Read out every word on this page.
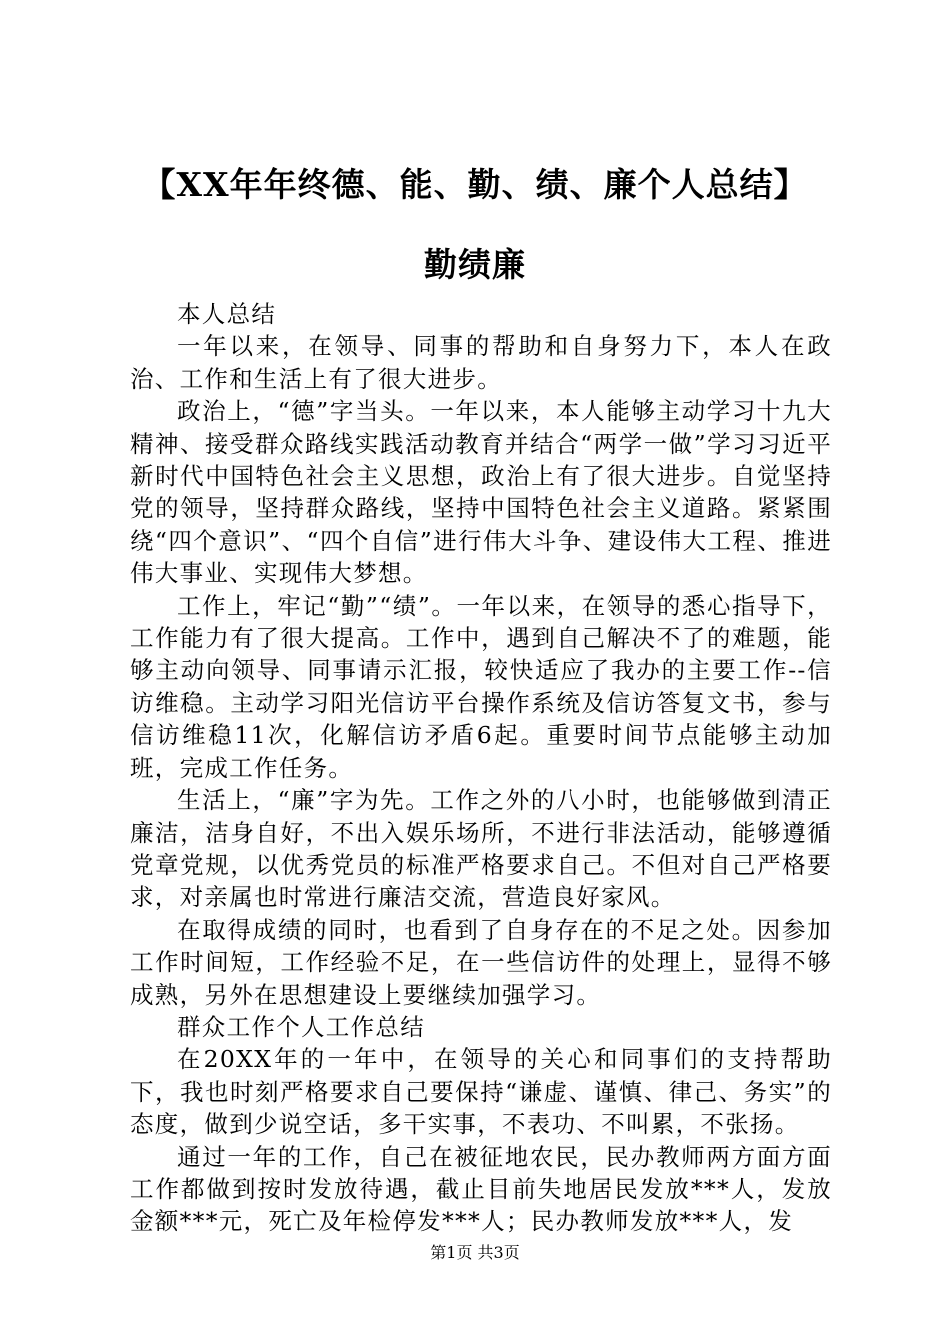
【XX年年终德、能、勤、绩、廉个人总结】
勤绩廉

本人总结

一年以来，在领导、同事的帮助和自身努力下，本人在政治、工作和生活上有了很大进步。

政治上，“德”字当头。一年以来，本人能够主动学习十九大精神、接受群众路线实践活动教育并结合“两学一做”学习习近平新时代中国特色社会主义思想，政治上有了很大进步。自觉坚持党的领导，坚持群众路线，坚持中国特色社会主义道路。紧紧围绕“四个意识”、“四个自信”进行伟大斗争、建设伟大工程、推进伟大事业、实现伟大梦想。

工作上，牢记“勤”“绩”。一年以来，在领导的悉心指导下，工作能力有了很大提高。工作中，遇到自己解决不了的难题，能够主动向领导、同事请示汇报，较快适应了我办的主要工作--信访维稳。主动学习阳光信访平台操作系统及信访答复文书，参与信访维稳11次，化解信访矛盾6起。重要时间节点能够主动加班，完成工作任务。

生活上，“廉”字为先。工作之外的八小时，也能够做到清正廉洁，洁身自好，不出入娱乐场所，不进行非法活动，能够遵循党章党规，以优秀党员的标准严格要求自己。不但对自己严格要求，对亲属也时常进行廉洁交流，营造良好家风。

在取得成绩的同时，也看到了自身存在的不足之处。因参加工作时间短，工作经验不足，在一些信访件的处理上，显得不够成熟，另外在思想建设上要继续加强学习。

群众工作个人工作总结

在20XX年的一年中，在领导的关心和同事们的支持帮助下，我也时刻严格要求自己要保持“谦虚、谨慎、律己、务实”的态度，做到少说空话，多干实事，不表功、不叫累，不张扬。

通过一年的工作，自己在被征地农民，民办教师两方面方面工作都做到按时发放待遇，截止目前失地居民发放***人，发放金额***元，死亡及年检停发***人；民办教师发放***人，发

第1页 共3页
